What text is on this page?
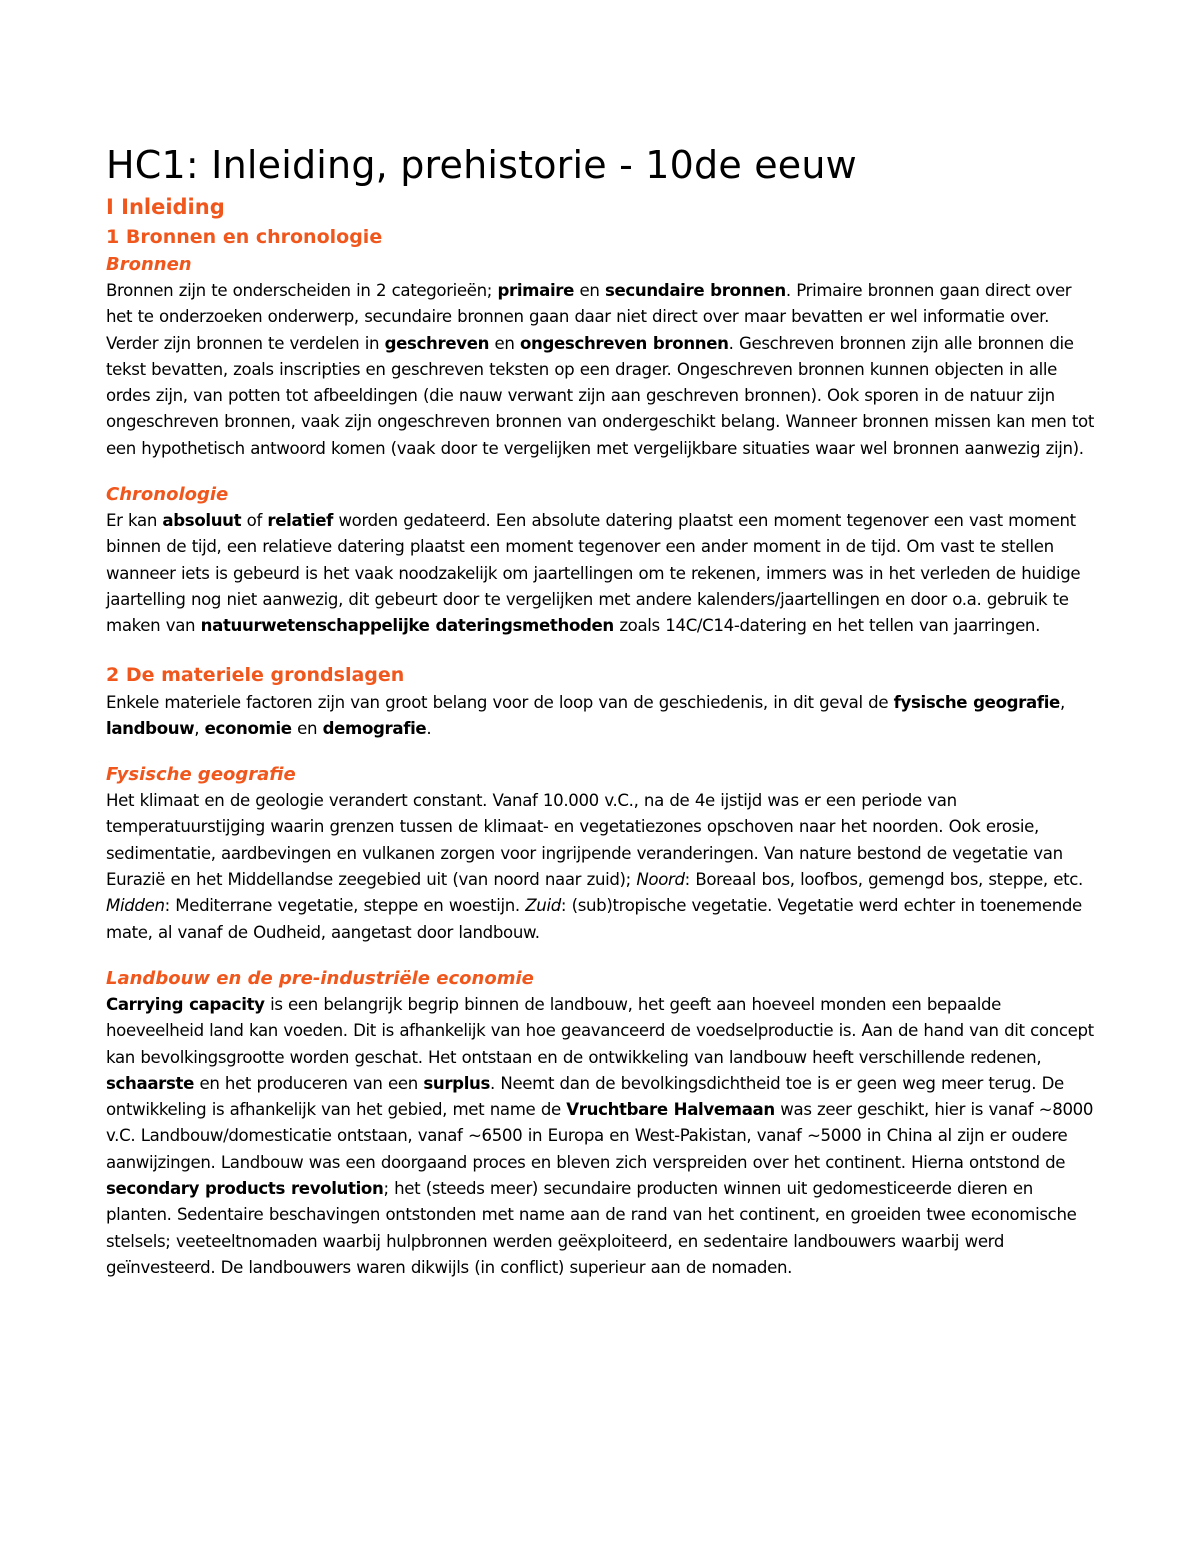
HC1: Inleiding, prehistorie - 10de eeuw
I Inleiding
1 Bronnen en chronologie
Bronnen

Bronnen zijn te onderscheiden in 2 categorieën; primaire en secundaire bronnen. Primaire bronnen gaan direct over het te onderzoeken onderwerp, secundaire bronnen gaan daar niet direct over maar bevatten er wel informatie over. Verder zijn bronnen te verdelen in geschreven en ongeschreven bronnen. Geschreven bronnen zijn alle bronnen die tekst bevatten, zoals inscripties en geschreven teksten op een drager. Ongeschreven bronnen kunnen objecten in alle ordes zijn, van potten tot afbeeldingen (die nauw verwant zijn aan geschreven bronnen). Ook sporen in de natuur zijn ongeschreven bronnen, vaak zijn ongeschreven bronnen van ondergeschikt belang. Wanneer bronnen missen kan men tot een hypothetisch antwoord komen (vaak door te vergelijken met vergelijkbare situaties waar wel bronnen aanwezig zijn).

Chronologie

Er kan absoluut of relatief worden gedateerd. Een absolute datering plaatst een moment tegenover een vast moment binnen de tijd, een relatieve datering plaatst een moment tegenover een ander moment in de tijd. Om vast te stellen wanneer iets is gebeurd is het vaak noodzakelijk om jaartellingen om te rekenen, immers was in het verleden de huidige jaartelling nog niet aanwezig, dit gebeurt door te vergelijken met andere kalenders/jaartellingen en door o.a. gebruik te maken van natuurwetenschappelijke dateringsmethoden zoals 14C/C14-datering en het tellen van jaarringen.

2 De materiele grondslagen

Enkele materiele factoren zijn van groot belang voor de loop van de geschiedenis, in dit geval de fysische geografie, landbouw, economie en demografie.

Fysische geografie

Het klimaat en de geologie verandert constant. Vanaf 10.000 v.C., na de 4e ijstijd was er een periode van temperatuurstijging waarin grenzen tussen de klimaat- en vegetatiezones opschoven naar het noorden. Ook erosie, sedimentatie, aardbevingen en vulkanen zorgen voor ingrijpende veranderingen. Van nature bestond de vegetatie van Eurazië en het Middellandse zeegebied uit (van noord naar zuid); Noord: Boreaal bos, loofbos, gemengd bos, steppe, etc. Midden: Mediterrane vegetatie, steppe en woestijn. Zuid: (sub)tropische vegetatie. Vegetatie werd echter in toenemende mate, al vanaf de Oudheid, aangetast door landbouw.

Landbouw en de pre-industriële economie

Carrying capacity is een belangrijk begrip binnen de landbouw, het geeft aan hoeveel monden een bepaalde hoeveelheid land kan voeden. Dit is afhankelijk van hoe geavanceerd de voedselproductie is. Aan de hand van dit concept kan bevolkingsgrootte worden geschat. Het ontstaan en de ontwikkeling van landbouw heeft verschillende redenen, schaarste en het produceren van een surplus. Neemt dan de bevolkingsdichtheid toe is er geen weg meer terug. De ontwikkeling is afhankelijk van het gebied, met name de Vruchtbare Halvemaan was zeer geschikt, hier is vanaf ~8000 v.C. Landbouw/domesticatie ontstaan, vanaf ~6500 in Europa en West-Pakistan, vanaf ~5000 in China al zijn er oudere aanwijzingen. Landbouw was een doorgaand proces en bleven zich verspreiden over het continent. Hierna ontstond de secondary products revolution; het (steeds meer) secundaire producten winnen uit gedomesticeerde dieren en planten. Sedentaire beschavingen ontstonden met name aan de rand van het continent, en groeiden twee economische stelsels; veeteeltnomaden waarbij hulpbronnen werden geëxploiteerd, en sedentaire landbouwers waarbij werd geïnvesteerd. De landbouwers waren dikwijls (in conflict) superieur aan de nomaden.
